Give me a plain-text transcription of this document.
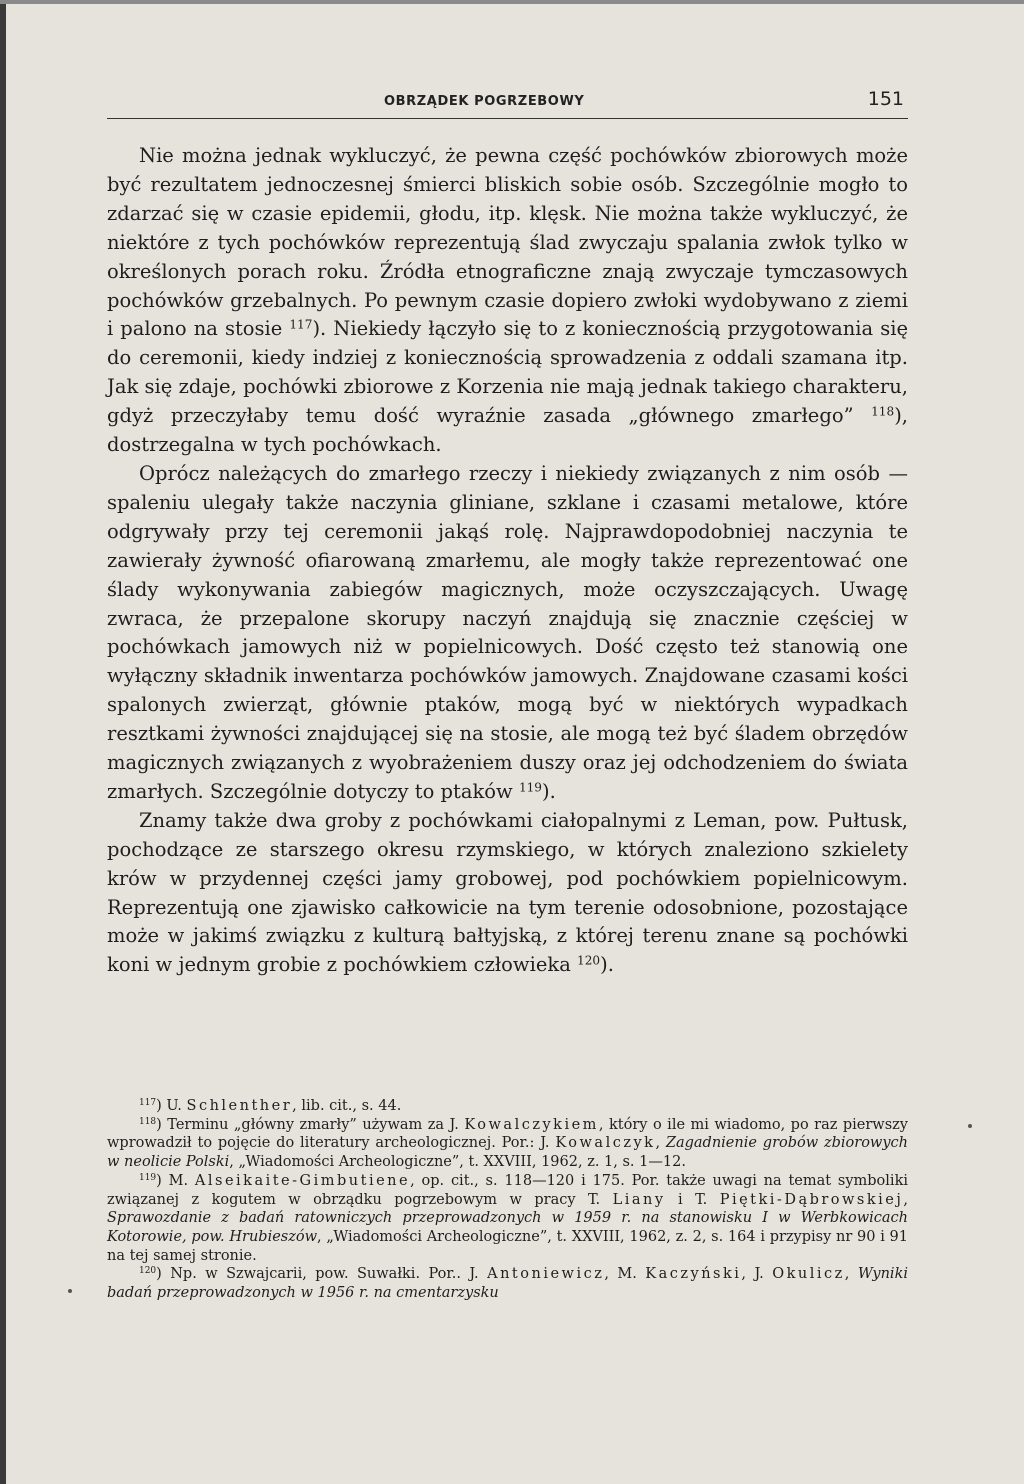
OBRZĄDEK POGRZEBOWY	151

Nie można jednak wykluczyć, że pewna część pochówków zbiorowych może być rezultatem jednoczesnej śmierci bliskich sobie osób. Szczególnie mogło to zdarzać się w czasie epidemii, głodu, itp. klęsk. Nie można także wykluczyć, że niektóre z tych pochówków reprezentują ślad zwyczaju spalania zwłok tylko w określonych porach roku. Źródła etnograficzne znają zwyczaje tymczasowych pochówków grzebalnych. Po pewnym czasie dopiero zwłoki wydobywano z ziemi i palono na stosie $^{117}$). Niekiedy łączyło się to z koniecznością przygotowania się do ceremonii, kiedy indziej z koniecznością sprowadzenia z oddali szamana itp. Jak się zdaje, pochówki zbiorowe z Korzenia nie mają jednak takiego charakteru, gdyż przeczyłaby temu dość wyraźnie zasada „głównego zmarłego” $^{118}$), dostrzegalna w tych pochówkach.

Oprócz należących do zmarłego rzeczy i niekiedy związanych z nim osób — spaleniu ulegały także naczynia gliniane, szklane i czasami metalowe, które odgrywały przy tej ceremonii jakąś rolę. Najprawdopodobniej naczynia te zawierały żywność ofiarowaną zmarłemu, ale mogły także reprezentować one ślady wykonywania zabiegów magicznych, może oczyszczających. Uwagę zwraca, że przepalone skorupy naczyń znajdują się znacznie częściej w pochówkach jamowych niż w popielnicowych. Dość często też stanowią one wyłączny składnik inwentarza pochówków jamowych. Znajdowane czasami kości spalonych zwierząt, głównie ptaków, mogą być w niektórych wypadkach resztkami żywności znajdującej się na stosie, ale mogą też być śladem obrzędów magicznych związanych z wyobrażeniem duszy oraz jej odchodzeniem do świata zmarłych. Szczególnie dotyczy to ptaków $^{119}$).

Znamy także dwa groby z pochówkami ciałopalnymi z Leman, pow. Pułtusk, pochodzące ze starszego okresu rzymskiego, w których znaleziono szkielety krów w przydennej części jamy grobowej, pod pochówkiem popielnicowym. Reprezentują one zjawisko całkowicie na tym terenie odosobnione, pozostające może w jakimś związku z kulturą bałtyjską, z której terenu znane są pochówki koni w jednym grobie z pochówkiem człowieka $^{120}$).

$^{117}$) U. Schlenther, lib. cit., s. 44.

$^{118}$) Terminu „główny zmarły” używam za J. Kowalczykiem, który o ile mi wiadomo, po raz pierwszy wprowadził to pojęcie do literatury archeologicznej. Por.: J. Kowalczyk, Zagadnienie grobów zbiorowych w neolicie Polski, „Wiadomości Archeologiczne”, t. XXVIII, 1962, z. 1, s. 1—12.

$^{119}$) M. Alseikaite-Gimbutiene, op. cit., s. 118—120 i 175. Por. także uwagi na temat symboliki związanej z kogutem w obrządku pogrzebowym w pracy T. Liany i T. Piętki-Dąbrowskiej, Sprawozdanie z badań ratowniczych przeprowadzonych w 1959 r. na stanowisku I w Werbkowicach Kotorowie, pow. Hrubieszów, „Wiadomości Archeologiczne”, t. XXVIII, 1962, z. 2, s. 164 i przypisy nr 90 i 91 na tej samej stronie.

$^{120}$) Np. w Szwajcarii, pow. Suwałki. Por.. J. Antoniewicz, M. Kaczyński, J. Okulicz, Wyniki badań przeprowadzonych w 1956 r. na cmentarzysku
